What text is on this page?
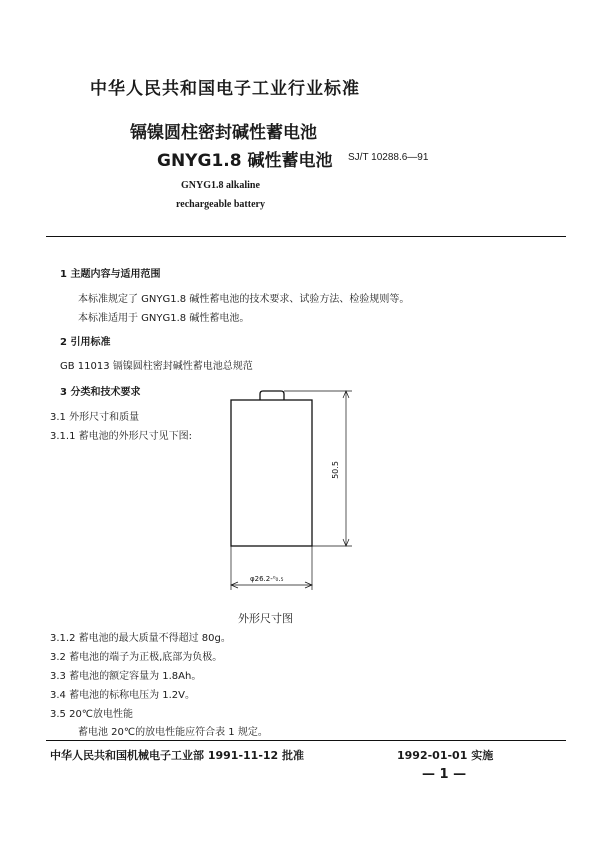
中华人民共和国电子工业行业标准
镉镍圆柱密封碱性蓄电池
GNYG1.8 碱性蓄电池 SJ/T 10288.6—91
GNYG1.8 alkaline
rechargeable battery
1 主题内容与适用范围
本标准规定了 GNYG1.8 碱性蓄电池的技术要求、试验方法、检验规则等。
本标准适用于 GNYG1.8 碱性蓄电池。
2 引用标准
GB 11013 镉镍圆柱密封碱性蓄电池总规范
3 分类和技术要求
3.1 外形尺寸和质量
3.1.1 蓄电池的外形尺寸见下图:
50.5
φ26.2-⁰₀.₅
外形尺寸图
3.1.2 蓄电池的最大质量不得超过 80g。
3.2 蓄电池的端子为正极,底部为负极。
3.3 蓄电池的额定容量为 1.8Ah。
3.4 蓄电池的标称电压为 1.2V。
3.5 20℃放电性能
蓄电池 20℃的放电性能应符合表 1 规定。
中华人民共和国机械电子工业部 1991-11-12 批准	1992-01-01 实施
— 1 —
